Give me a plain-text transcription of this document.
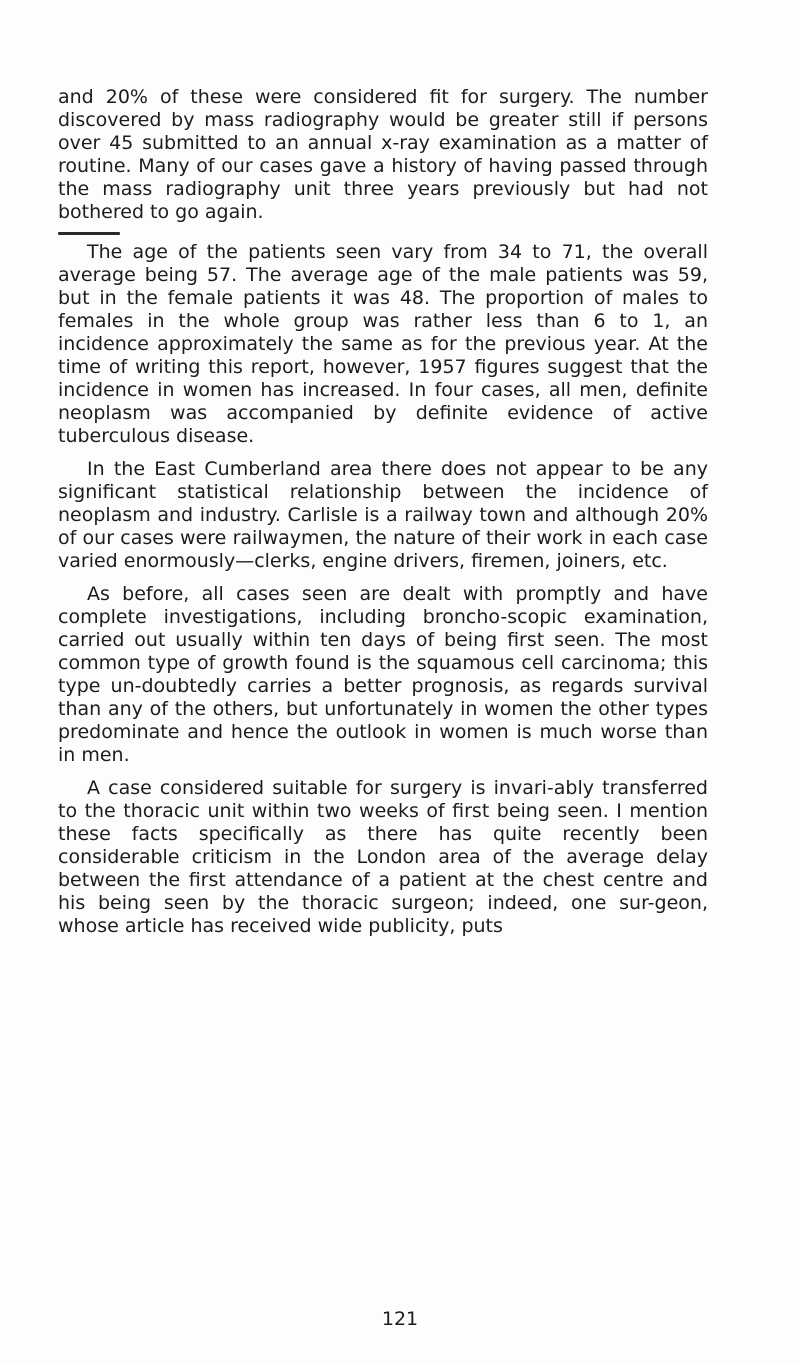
and 20% of these were considered fit for surgery. The number discovered by mass radiography would be greater still if persons over 45 submitted to an annual x-ray examination as a matter of routine. Many of our cases gave a history of having passed through the mass radiography unit three years previously but had not bothered to go again.

The age of the patients seen vary from 34 to 71, the overall average being 57. The average age of the male patients was 59, but in the female patients it was 48. The proportion of males to females in the whole group was rather less than 6 to 1, an incidence approximately the same as for the previous year. At the time of writing this report, however, 1957 figures suggest that the incidence in women has increased. In four cases, all men, definite neoplasm was accompanied by definite evidence of active tuberculous disease.

In the East Cumberland area there does not appear to be any significant statistical relationship between the incidence of neoplasm and industry. Carlisle is a railway town and although 20% of our cases were railwaymen, the nature of their work in each case varied enormously—clerks, engine drivers, firemen, joiners, etc.

As before, all cases seen are dealt with promptly and have complete investigations, including broncho-scopic examination, carried out usually within ten days of being first seen. The most common type of growth found is the squamous cell carcinoma; this type un-doubtedly carries a better prognosis, as regards survival than any of the others, but unfortunately in women the other types predominate and hence the outlook in women is much worse than in men.

A case considered suitable for surgery is invari-ably transferred to the thoracic unit within two weeks of first being seen. I mention these facts specifically as there has quite recently been considerable criticism in the London area of the average delay between the first attendance of a patient at the chest centre and his being seen by the thoracic surgeon; indeed, one sur-geon, whose article has received wide publicity, puts

121
